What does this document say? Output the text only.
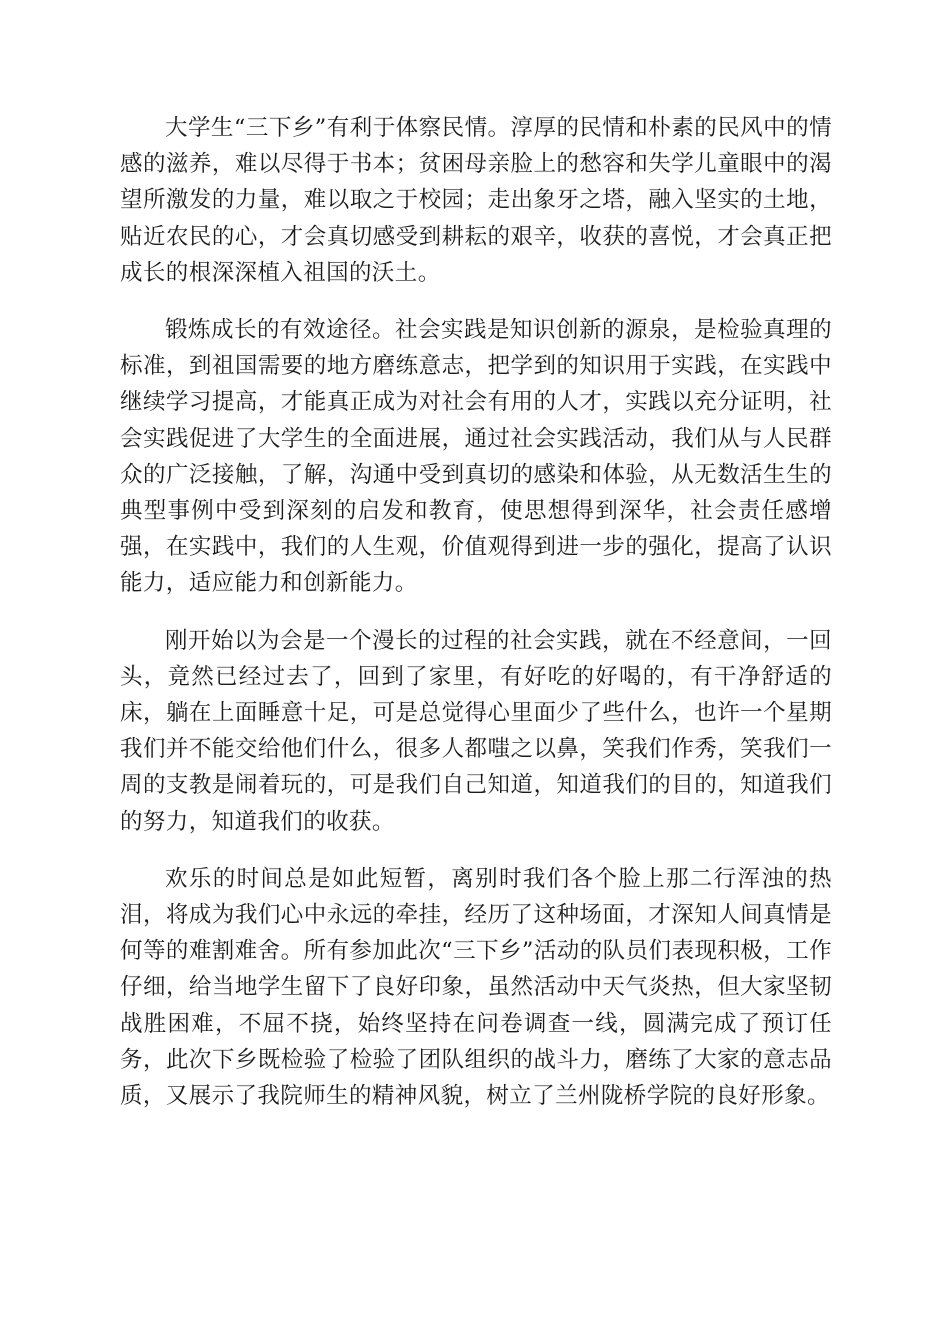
大学生“三下乡”有利于体察民情。淳厚的民情和朴素的民风中的情感的滋养，难以尽得于书本；贫困母亲脸上的愁容和失学儿童眼中的渴望所激发的力量，难以取之于校园；走出象牙之塔，融入坚实的土地，贴近农民的心，才会真切感受到耕耘的艰辛，收获的喜悦，才会真正把成长的根深深植入祖国的沃土。

锻炼成长的有效途径。社会实践是知识创新的源泉，是检验真理的标准，到祖国需要的地方磨练意志，把学到的知识用于实践，在实践中继续学习提高，才能真正成为对社会有用的人才，实践以充分证明，社会实践促进了大学生的全面进展，通过社会实践活动，我们从与人民群众的广泛接触，了解，沟通中受到真切的感染和体验，从无数活生生的典型事例中受到深刻的启发和教育，使思想得到深华，社会责任感增强，在实践中，我们的人生观，价值观得到进一步的强化，提高了认识能力，适应能力和创新能力。

刚开始以为会是一个漫长的过程的社会实践，就在不经意间，一回头，竟然已经过去了，回到了家里，有好吃的好喝的，有干净舒适的床，躺在上面睡意十足，可是总觉得心里面少了些什么，也许一个星期我们并不能交给他们什么，很多人都嗤之以鼻，笑我们作秀，笑我们一周的支教是闹着玩的，可是我们自己知道，知道我们的目的，知道我们的努力，知道我们的收获。

欢乐的时间总是如此短暂，离别时我们各个脸上那二行浑浊的热泪，将成为我们心中永远的牵挂，经历了这种场面，才深知人间真情是何等的难割难舍。所有参加此次“三下乡”活动的队员们表现积极，工作仔细，给当地学生留下了良好印象，虽然活动中天气炎热，但大家坚韧战胜困难，不屈不挠，始终坚持在问卷调查一线，圆满完成了预订任务，此次下乡既检验了检验了团队组织的战斗力，磨练了大家的意志品质，又展示了我院师生的精神风貌，树立了兰州陇桥学院的良好形象。
